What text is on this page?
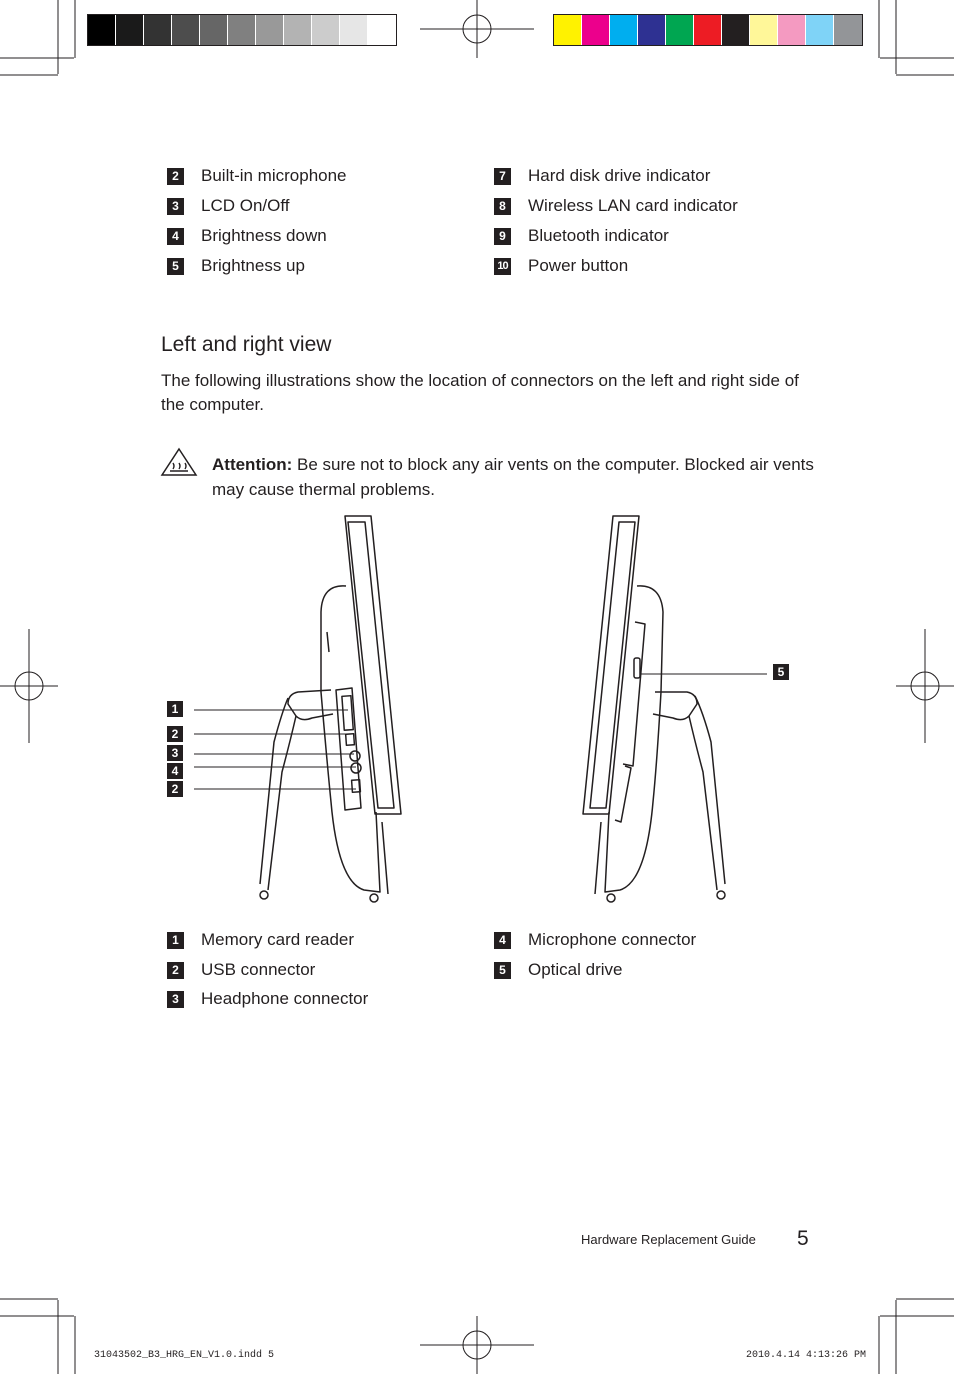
2	Built-in microphone
3	LCD On/Off
4	Brightness down
5	Brightness up
7	Hard disk drive indicator
8	Wireless LAN card indicator
9	Bluetooth indicator
10 Power button
Left and right view

The following illustrations show the location of connectors on the left and right side of the computer.

Attention: Be sure not to block any air vents on the computer. Blocked air vents may cause thermal problems.

1
2
3
4
2
5
1	Memory card reader
2	USB connector
3	Headphone connector
4	Microphone connector
5	Optical drive
Hardware Replacement Guide 5
31043502_B3_HRG_EN_V1.0.indd 5	2010.4.14 4:13:26 PM
